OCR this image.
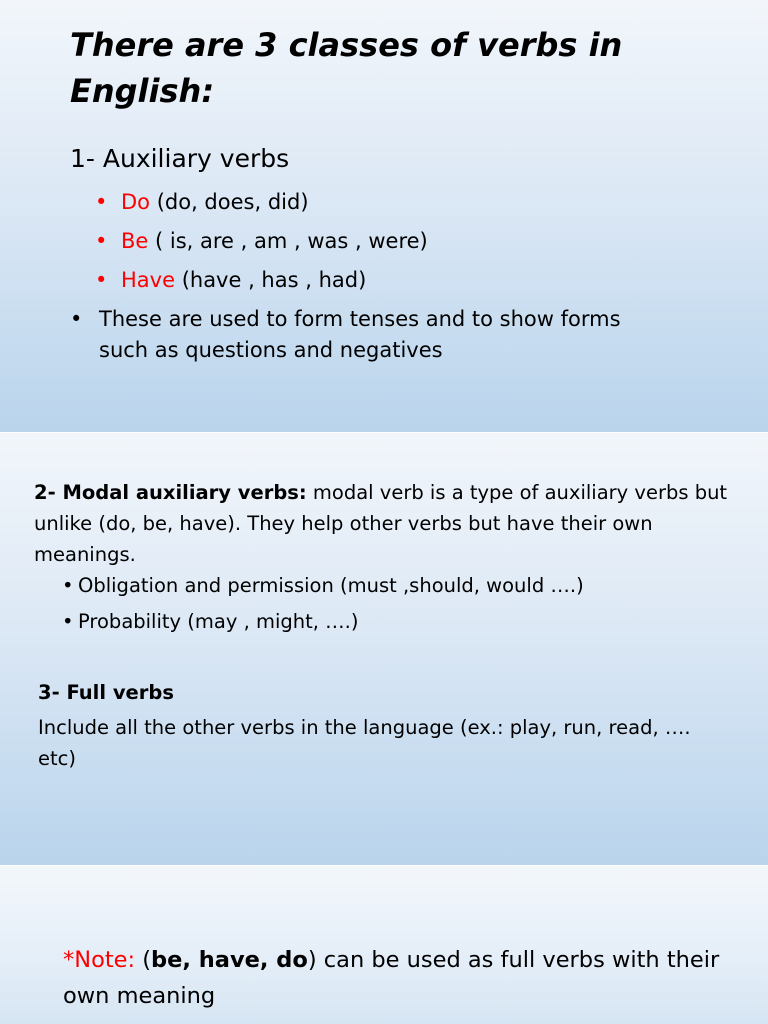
There are 3 classes of verbs in English:
1- Auxiliary verbs
• Do (do, does, did)
• Be ( is, are , am , was , were)
• Have (have , has , had)
• These are used to form tenses and to show forms such as questions and negatives
2- Modal auxiliary verbs: modal verb is a type of auxiliary verbs but unlike (do, be, have). They help other verbs but have their own meanings.
• Obligation and permission (must ,should, would ….)
• Probability (may , might, ….)
3- Full verbs
Include all the other verbs in the language (ex.: play, run, read, …. etc)
*Note: (be, have, do) can be used as full verbs with their own meaning
